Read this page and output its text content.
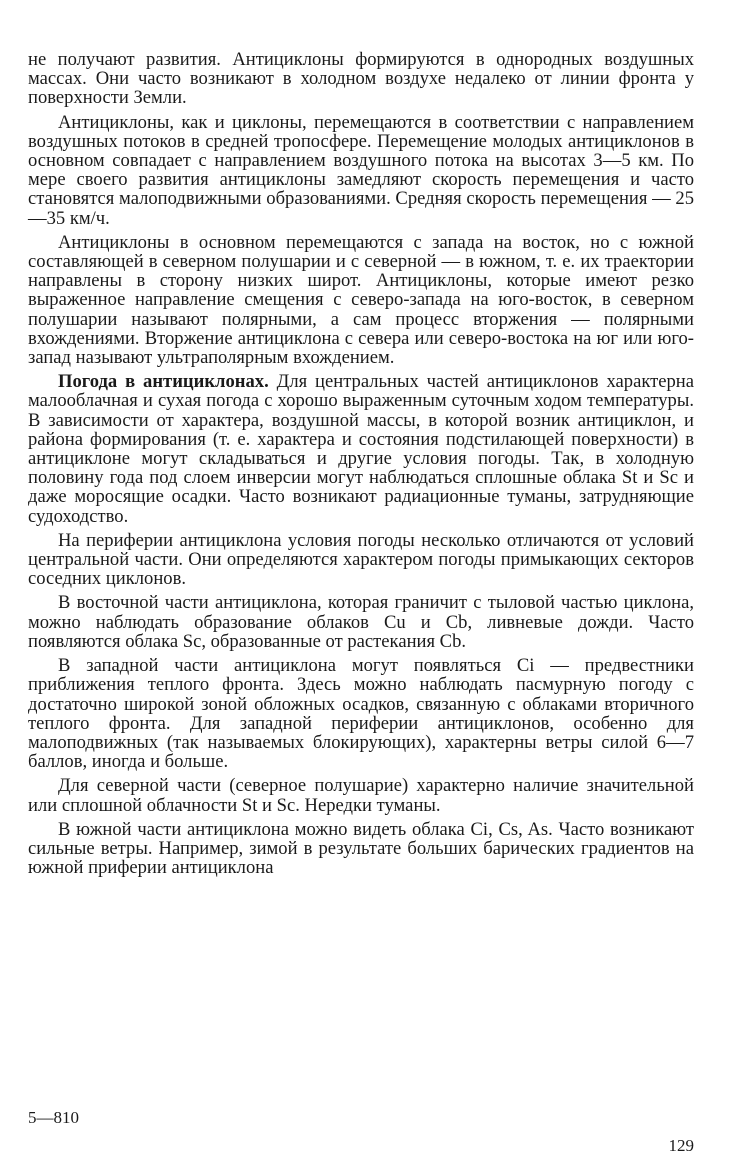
не получают развития. Антициклоны формируются в однородных воздушных массах. Они часто возникают в холодном воздухе недалеко от линии фронта у поверхности Земли.

Антициклоны, как и циклоны, перемещаются в соответствии с направлением воздушных потоков в средней тропосфере. Перемещение молодых антициклонов в основном совпадает с направлением воздушного потока на высотах 3—5 км. По мере своего развития антициклоны замедляют скорость перемещения и часто становятся малоподвижными образованиями. Средняя скорость перемещения — 25—35 км/ч.

Антициклоны в основном перемещаются с запада на восток, но с южной составляющей в северном полушарии и с северной — в южном, т. е. их траектории направлены в сторону низких широт. Антициклоны, которые имеют резко выраженное направление смещения с северо-запада на юго-восток, в северном полушарии называют полярными, а сам процесс вторжения — полярными вхождениями. Вторжение антициклона с севера или северо-востока на юг или юго-запад называют ультраполярным вхождением.

Погода в антициклонах. Для центральных частей антициклонов характерна малооблачная и сухая погода с хорошо выраженным суточным ходом температуры. В зависимости от характера, воздушной массы, в которой возник антициклон, и района формирования (т. е. характера и состояния подстилающей поверхности) в антициклоне могут складываться и другие условия погоды. Так, в холодную половину года под слоем инверсии могут наблюдаться сплошные облака St и Sc и даже моросящие осадки. Часто возникают радиационные туманы, затрудняющие судоходство.

На периферии антициклона условия погоды несколько отличаются от условий центральной части. Они определяются характером погоды примыкающих секторов соседних циклонов.

В восточной части антициклона, которая граничит с тыловой частью циклона, можно наблюдать образование облаков Cu и Cb, ливневые дожди. Часто появляются облака Sc, образованные от растекания Cb.

В западной части антициклона могут появляться Ci — предвестники приближения теплого фронта. Здесь можно наблюдать пасмурную погоду с достаточно широкой зоной обложных осадков, связанную с облаками вторичного теплого фронта. Для западной периферии антициклонов, особенно для малоподвижных (так называемых блокирующих), характерны ветры силой 6—7 баллов, иногда и больше.

Для северной части (северное полушарие) характерно наличие значительной или сплошной облачности St и Sc. Нередки туманы.

В южной части антициклона можно видеть облака Ci, Cs, As. Часто возникают сильные ветры. Например, зимой в результате больших барических градиентов на южной приферии антициклона

5—810
129
